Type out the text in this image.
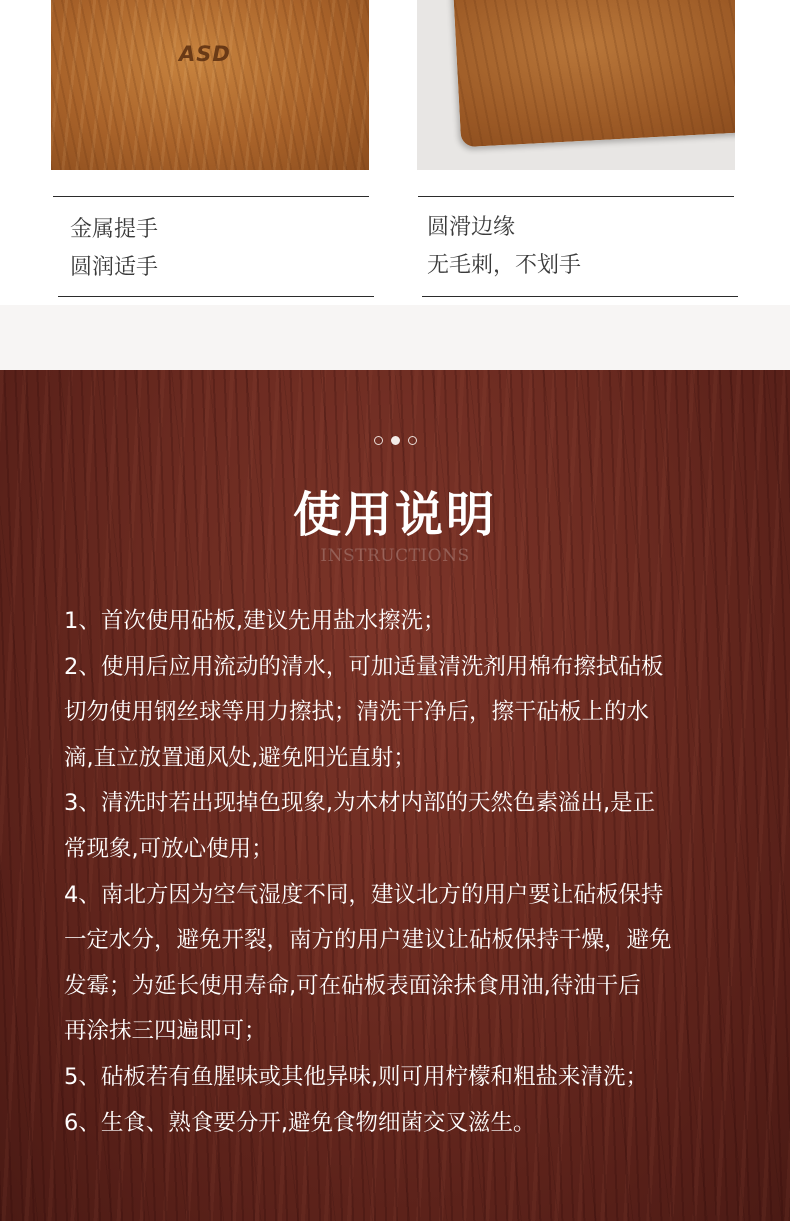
ASD
金属提手
圆润适手
圆滑边缘
无毛刺，不划手
使用说明
INSTRUCTIONS
1、首次使用砧板,建议先用盐水擦洗；
2、使用后应用流动的清水，可加适量清洗剂用棉布擦拭砧板
切勿使用钢丝球等用力擦拭；清洗干净后，擦干砧板上的水
滴,直立放置通风处,避免阳光直射；
3、清洗时若出现掉色现象,为木材内部的天然色素溢出,是正
常现象,可放心使用；
4、南北方因为空气湿度不同，建议北方的用户要让砧板保持
一定水分，避免开裂，南方的用户建议让砧板保持干燥，避免
发霉；为延长使用寿命,可在砧板表面涂抹食用油,待油干后
再涂抹三四遍即可；
5、砧板若有鱼腥味或其他异味,则可用柠檬和粗盐来清洗；
6、生食、熟食要分开,避免食物细菌交叉滋生。
